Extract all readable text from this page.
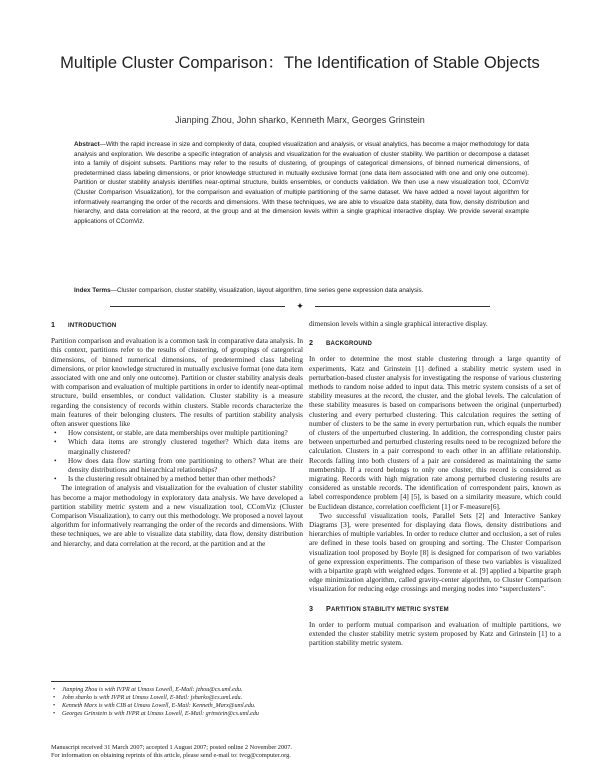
Multiple Cluster Comparison：The Identification of Stable Objects
Jianping Zhou, John sharko, Kenneth Marx, Georges Grinstein
Abstract—With the rapid increase in size and complexity of data, coupled visualization and analysis, or visual analytics, has become a major methodology for data analysis and exploration. We describe a specific integration of analysis and visualization for the evaluation of cluster stability. We partition or decompose a dataset into a family of disjoint subsets. Partitions may refer to the results of clustering, of groupings of categorical dimensions, of binned numerical dimensions, of predetermined class labeling dimensions, or prior knowledge structured in mutually exclusive format (one data item associated with one and only one outcome). Partition or cluster stability analysis identifies near-optimal structure, builds ensembles, or conducts validation. We then use a new visualization tool, CComViz (Cluster Comparison Visualization), for the comparison and evaluation of multiple partitioning of the same dataset. We have added a novel layout algorithm for informatively rearranging the order of the records and dimensions. With these techniques, we are able to visualize data stability, data flow, density distribution and hierarchy, and data correlation at the record, at the group and at the dimension levels within a single graphical interactive display. We provide several example applications of CComViz.
Index Terms—Cluster comparison, cluster stability, visualization, layout algorithm, time series gene expression data analysis.
✦
1 INTRODUCTION

Partition comparison and evaluation is a common task in comparative data analysis. In this context, partitions refer to the results of clustering, of groupings of categorical dimensions, of binned numerical dimensions, of predetermined class labeling dimensions, or prior knowledge structured in mutually exclusive format (one data item associated with one and only one outcome). Partition or cluster stability analysis deals with comparison and evaluation of multiple partitions in order to identify near-optimal structure, build ensembles, or conduct validation. Cluster stability is a measure regarding the consistency of records within clusters. Stable records characterize the main features of their belonging clusters. The results of partition stability analysis often answer questions like

• How consistent, or stable, are data memberships over multiple partitioning?
• Which data items are strongly clustered together? Which data items are marginally clustered?
• How does data flow starting from one partitioning to others? What are their density distributions and hierarchical relationships?
• Is the clustering result obtained by a method better than other methods?

The integration of analysis and visualization for the evaluation of cluster stability has become a major methodology in exploratory data analysis. We have developed a partition stability metric system and a new visualization tool, CComViz (Cluster Comparison Visualization), to carry out this methodology. We proposed a novel layout algorithm for informatively rearranging the order of the records and dimensions. With these techniques, we are able to visualize data stability, data flow, density distribution and hierarchy, and data correlation at the record, at the partition and at the

• Jianping Zhou is with IVPR at Umass Lowell, E-Mail: jzhou@cs.uml.edu.
• John sharko is with IVPR at Umass Lowell, E-Mail: jsharko@cs.uml.edu.
• Kenneth Marx is with CIB at Umass Lowell, E-Mail: Kenneth_Marx@uml.edu.
• Georges Grinstein is with IVPR at Umass Lowell, E-Mail: grinstein@cs.uml.edu

Manuscript received 31 March 2007; accepted 1 August 2007; posted online 2 November 2007.

For information on obtaining reprints of this article, please send e-mail to: tvcg@computer.org.

dimension levels within a single graphical interactive display.

2 BACKGROUND

In order to determine the most stable clustering through a large quantity of experiments, Katz and Grinstein [1] defined a stability metric system used in perturbation-based cluster analysis for investigating the response of various clustering methods to random noise added to input data. This metric system consists of a set of stability measures at the record, the cluster, and the global levels. The calculation of these stability measures is based on comparisons between the original (unperturbed) clustering and every perturbed clustering. This calculation requires the setting of number of clusters to be the same in every perturbation run, which equals the number of clusters of the unperturbed clustering. In addition, the corresponding cluster pairs between unperturbed and perturbed clustering results need to be recognized before the calculation. Clusters in a pair correspond to each other in an affiliate relationship. Records falling into both clusters of a pair are considered as maintaining the same membership. If a record belongs to only one cluster, this record is considered as migrating. Records with high migration rate among perturbed clustering results are considered as unstable records. The identification of correspondent pairs, known as label correspondence problem [4] [5], is based on a similarity measure, which could be Euclidean distance, correlation coefficient [1] or F-measure[6].

Two successful visualization tools, Parallel Sets [2] and Interactive Sankey Diagrams [3], were presented for displaying data flows, density distributions and hierarchies of multiple variables. In order to reduce clutter and occlusion, a set of rules are defined in these tools based on grouping and sorting. The Cluster Comparison visualization tool proposed by Boyle [8] is designed for comparison of two variables of gene expression experiments. The comparison of these two variables is visualized with a bipartite graph with weighted edges. Torrente et al. [9] applied a bipartite graph edge minimization algorithm, called gravity-center algorithm, to Cluster Comparison visualization for reducing edge crossings and merging nodes into “superclusters”.

3 PARTITION STABILITY METRIC SYSTEM

In order to perform mutual comparison and evaluation of multiple partitions, we extended the cluster stability metric system proposed by Katz and Grinstein [1] to a partition stability metric system.
